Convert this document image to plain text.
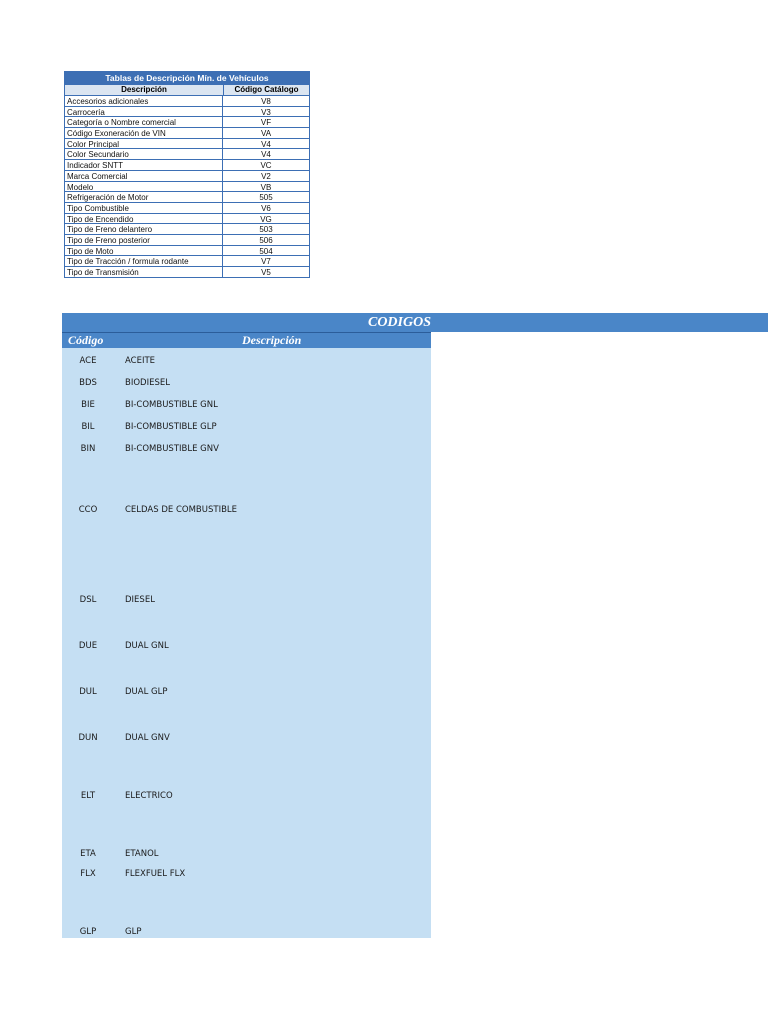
Tablas de Descripción Mín. de Vehículos
Descripción	Código Catálogo
Accesorios adicionales	V8
Carrocería	V3
Categoría o Nombre comercial	VF
Código Exoneración de VIN	VA
Color Principal	V4
Color Secundario	V4
Indicador SNTT	VC
Marca Comercial	V2
Modelo	VB
Refrigeración de Motor	505
Tipo Combustible	V6
Tipo de Encendido	VG
Tipo de Freno delantero	503
Tipo de Freno posterior	506
Tipo de Moto	504
Tipo de Tracción / formula rodante	V7
Tipo de Transmisión	V5
CODIGOS
Código	Descripción
ACE	ACEITE
BDS	BIODIESEL
BIE	BI-COMBUSTIBLE GNL
BIL	BI-COMBUSTIBLE GLP
BIN	BI-COMBUSTIBLE GNV
CCO	CELDAS DE COMBUSTIBLE
DSL	DIESEL
DUE	DUAL GNL
DUL	DUAL GLP
DUN	DUAL GNV
ELT	ELECTRICO
ETA	ETANOL
FLX	FLEXFUEL FLX
GLP	GLP
